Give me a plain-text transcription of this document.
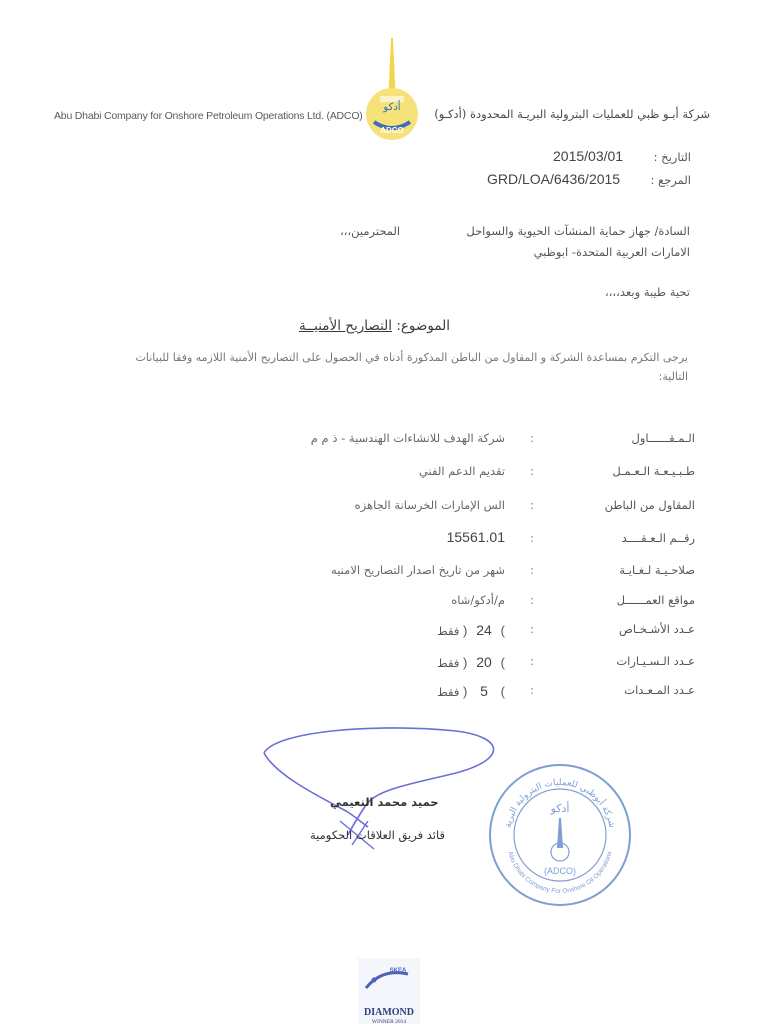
Abu Dhabi Company for Onshore Petroleum Operations Ltd. (ADCO)
أدكو
ADCO
شركة أبـو ظبي للعمليات البترولية البريـة المحدودة (أدكـو)
التاريخ :
2015/03/01
المرجع :
GRD/LOA/6436/2015
السادة/ جهاز حماية المنشآت الحيوية والسواحل
المحترمين،،،
الامارات العربية المتحدة- ابوظبي
تحية طيبة وبعد،،،،
الموضوع: التصاريح الأمنيــة
يرجى التكرم بمساعدة الشركة و المقاول من الباطن المذكورة أدناه في الحصول على التصاريح الأمنية اللازمه وفقا للبيانات التالية:
الـمـقــــــاول
:
شركة الهدف للانشاءات الهندسية - ذ م م
طـبـيـعـة الـعـمـل
:
تقديم الدعم الفني
المقاول من الباطن
:
الس الإمارات الخرسانة الجاهزه
رقــم الـعـقــــد
:
15561.01
صلاحـيـة لـغـايـة
:
شهر من تاريخ اصدار التصاريح الامنيه
مواقع العمــــــل
:
م/أدكو/شاه
عـدد الأشـخـاص
:
فقط ) 24 (
عـدد الـسـيـارات
:
فقط ) 20 (
عـدد المـعـدات
:
فقط ) 5 (
حميد محمد النعيمي
قائد فريق العلاقات الحكومية
شركة أبوظبي للعمليات البترولية البرية
Abu Dhabi Company For Onshore Oil Operations
أدكو
(ADCO)
SKEA
DIAMOND
WINNER 2014
